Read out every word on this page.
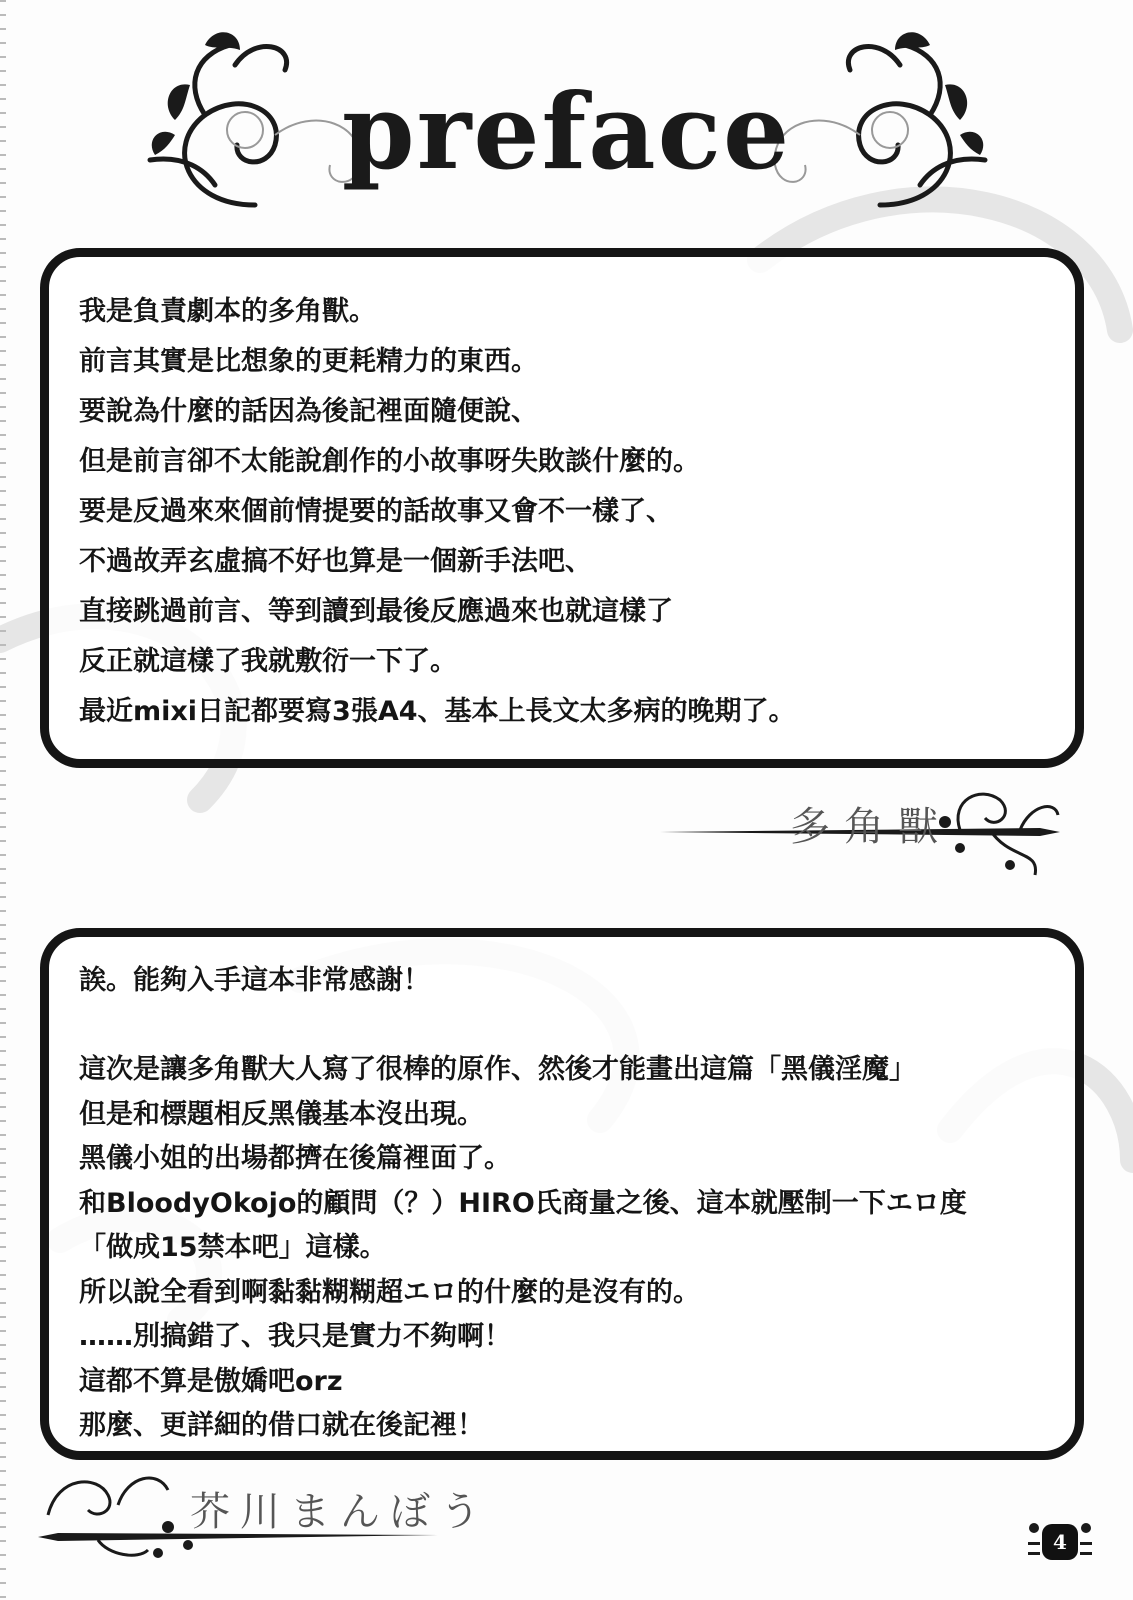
preface
我是負責劇本的多角獸。
前言其實是比想象的更耗精力的東西。
要說為什麼的話因為後記裡面隨便說、
但是前言卻不太能說創作的小故事呀失敗談什麼的。
要是反過來來個前情提要的話故事又會不一樣了、
不過故弄玄虛搞不好也算是一個新手法吧、
直接跳過前言、等到讀到最後反應過來也就這樣了
反正就這樣了我就敷衍一下了。
最近mixi日記都要寫3張A4、基本上長文太多病的晚期了。
多角獸
誒。能夠入手這本非常感謝！
這次是讓多角獸大人寫了很棒的原作、然後才能畫出這篇「黑儀淫魔」
但是和標題相反黑儀基本沒出現。
黑儀小姐的出場都擠在後篇裡面了。
和BloodyOkojo的顧問（？）HIRO氏商量之後、這本就壓制一下エロ度
「做成15禁本吧」這樣。
所以說全看到啊黏黏糊糊超エロ的什麼的是沒有的。
……別搞錯了、我只是實力不夠啊！
這都不算是傲嬌吧orz
那麼、更詳細的借口就在後記裡！
芥川まんぼう
4
